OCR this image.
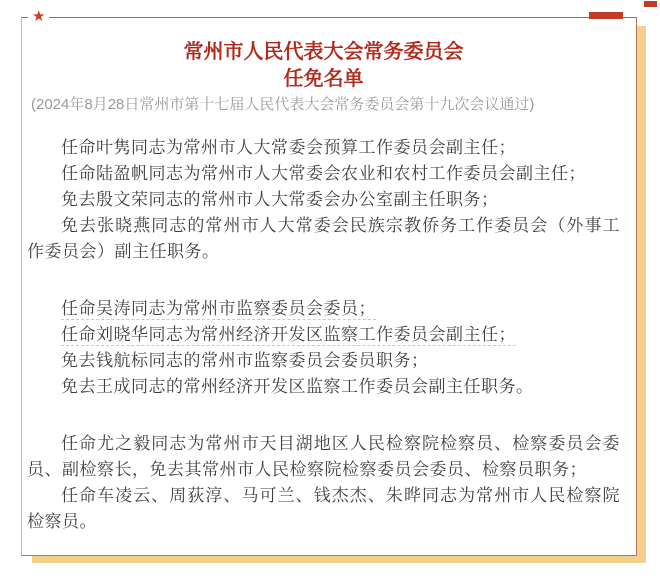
★
常州市人民代表大会常务委员会
任免名单
(2024年8月28日常州市第十七届人民代表大会常务委员会第十九次会议通过)

任命叶隽同志为常州市人大常委会预算工作委员会副主任；

任命陆盈帆同志为常州市人大常委会农业和农村工作委员会副主任；

免去殷文荣同志的常州市人大常委会办公室副主任职务；

免去张晓燕同志的常州市人大常委会民族宗教侨务工作委员会（外事工作委员会）副主任职务。

任命吴涛同志为常州市监察委员会委员；

任命刘晓华同志为常州经济开发区监察工作委员会副主任；

免去钱航标同志的常州市监察委员会委员职务；

免去王成同志的常州经济开发区监察工作委员会副主任职务。

任命尤之毅同志为常州市天目湖地区人民检察院检察员、检察委员会委员、副检察长，免去其常州市人民检察院检察委员会委员、检察员职务；

任命车凌云、周荻淳、马可兰、钱杰杰、朱晔同志为常州市人民检察院检察员。
